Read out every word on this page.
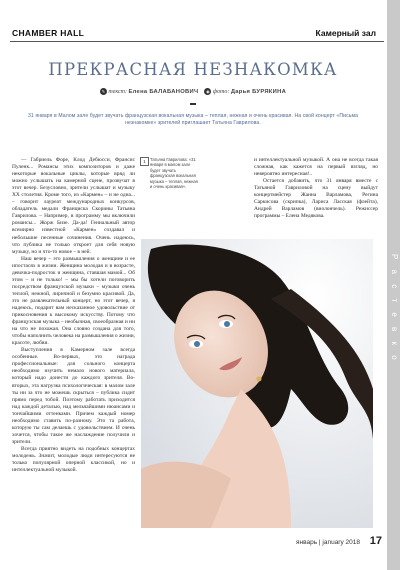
Р а с т е в к о
CHAMBER HALL	Камерный зал
ПРЕКРАСНАЯ НЕЗНАКОМКА
✎ текст: Елена БАЛАБАНОВИЧ ◉ фото: Дарья БУРЯКИНА
31 января в Малом зале будет звучать французская вокальная музыка – теплая, нежная и очень красивая. На свой концерт «Письма незнакомке» зрителей приглашает Татьяна Гаврилова.

— Габриель Форе, Клод Дебюсси, Франсис Пуленк... Романсы этих композиторов и даже некоторые вокальные циклы, которые вряд ли можно услышать на камерной сцене, прозвучат в этот вечер. Безусловно, зрители услышат и музыку XX столетия. Кроме того, из «Кармен» – и не одна... – говорит лауреат международных конкурсов, обладатель медали Франциска Скорины Татьяна Гаврилова. – Например, в программу мы включили романсы... Жорж Бизе. Да-да! Гениальный автор всемирно известной «Кармен» создавал и небольшие песенные сочинения. Очень надеюсь, что публика не только откроет для себя новую музыку, но и что-то новое – в ней.

Наш вечер – это размышления о женщине и ее ипостасях в жизни. Женщина молодая и в возрасте, девочка-подросток и женщина, ставшая мамой... Об этом – и не только! – мы бы хотели поговорить посредством французской музыки – музыки очень теплой, нежной, лиричной и безумно красивой. Да, это не развлекательный концерт, но этот вечер, я надеюсь, подарит вам несказанное удовольствие от прикосновения к высокому искусству. Потому что французская музыка – необычная, своеобразная и ни на что не похожая. Она словно создана для того, чтобы наполнить человека на размышления о жизни, красоте, любви.

Выступления в Камерном зале всегда особенные. Во-первых, это награда профессиональные: для сольного концерта необходимо изучить немало нового материала, который надо донести до каждого зрителя. Во-вторых, эта нагрузка психологическая: в малом зале ты ни за что не можешь скрыться – публика сидит прямо перед тобой. Поэтому работать приходится над каждой деталью, над мельчайшими нюансами и тончайшими оттенками. Причем каждый номер необходимо ставить по-разному. Это та работа, которую ты сам делаешь с удовольствием. И очень хочется, чтобы такое же наслаждение получили и зрители.

Всегда приятно видеть на подобных концертах молодежь. Значит, молодые люди интересуются не только популярной оперной классикой, но и интеллектуальной музыкой.

1	Татьяна Гаврилова: «31 января в малом зале будет звучать французская вокальная музыка – теплая, нежная и очень красивая».

и интеллектуальной музыкой. А она не всегда такая сложная, как кажется на первый взгляд, но невероятно интересная!..

Остается добавить, что 31 января вместе с Татьяной Гавриловой на сцену выйдут концертмейстер Жанна Варламова, Регина Саркисова (скрипка), Лариса Ласская (флейта), Андрей Варламов (виолончель). Режиссер программы – Елена Медякова.

январь | january 2018 17
